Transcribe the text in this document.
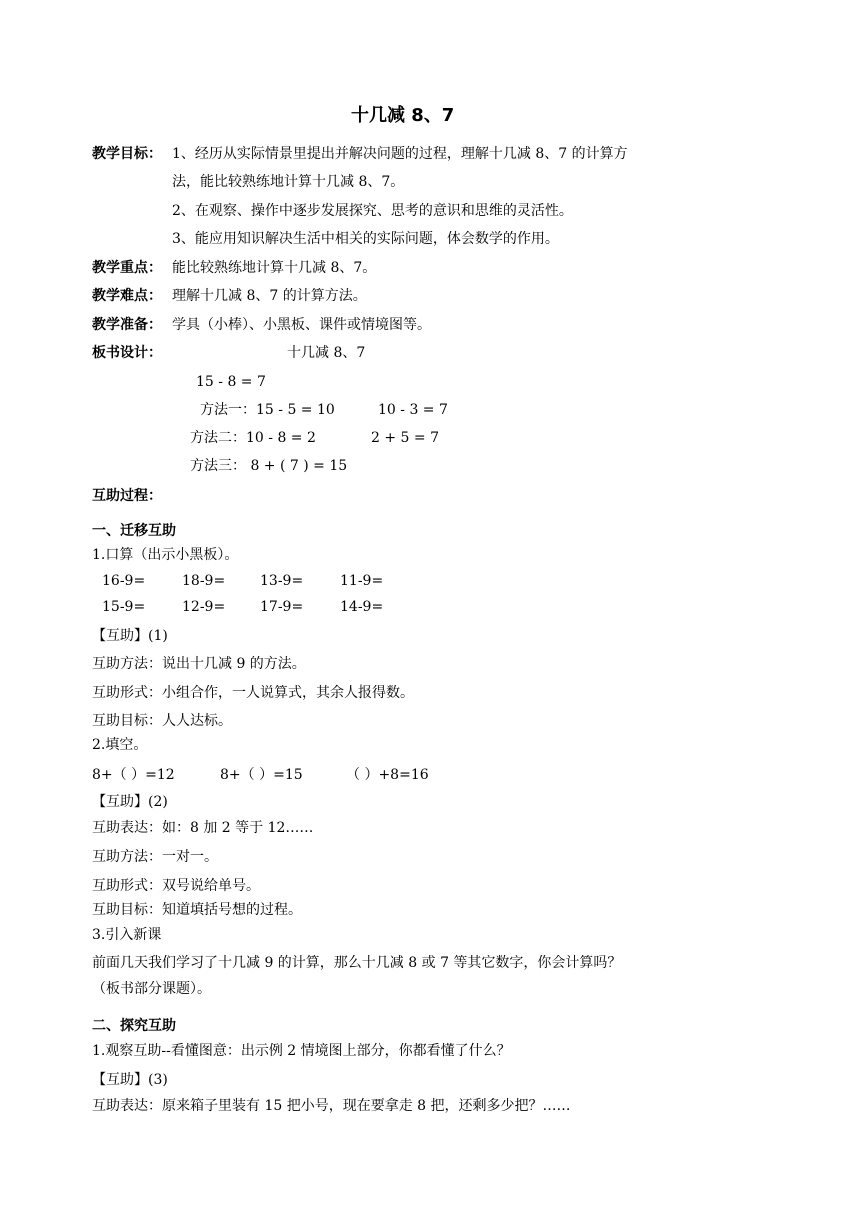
十几减 8、7
教学目标： 1、经历从实际情景里提出并解决问题的过程，理解十几减 8、7 的计算方
法，能比较熟练地计算十几减 8、7。
2、在观察、操作中逐步发展探究、思考的意识和思维的灵活性。
3、能应用知识解决生活中相关的实际问题，体会数学的作用。
教学重点： 能比较熟练地计算十几减 8、7。
教学难点： 理解十几减 8、7 的计算方法。
教学准备： 学具（小棒）、小黑板、课件或情境图等。
板书设计：	十几减 8、7
15 - 8 = 7
方法一：15 - 5 = 10	10 - 3 = 7
方法二：10 - 8 = 2	2 + 5 = 7
方法三： 8 + ( 7 ) = 15
互助过程：
一、迁移互助
1.口算（出示小黑板）。
16-9=	18-9= 13-9=	11-9=
15-9=	12-9= 17-9=	14-9=
【互助】(1)
互助方法：说出十几减 9 的方法。
互助形式：小组合作，一人说算式，其余人报得数。
互助目标：人人达标。
2.填空。
8+（ ）=12	8+（ ）=15	（ ）+8=16
【互助】(2)
互助表达：如：8 加 2 等于 12……
互助方法：一对一。
互助形式：双号说给单号。
互助目标：知道填括号想的过程。
3.引入新课
前面几天我们学习了十几减 9 的计算，那么十几减 8 或 7 等其它数字，你会计算吗？
（板书部分课题）。
二、探究互助
1.观察互助--看懂图意：出示例 2 情境图上部分，你都看懂了什么？
【互助】(3)
互助表达：原来箱子里装有 15 把小号，现在要拿走 8 把，还剩多少把？……
